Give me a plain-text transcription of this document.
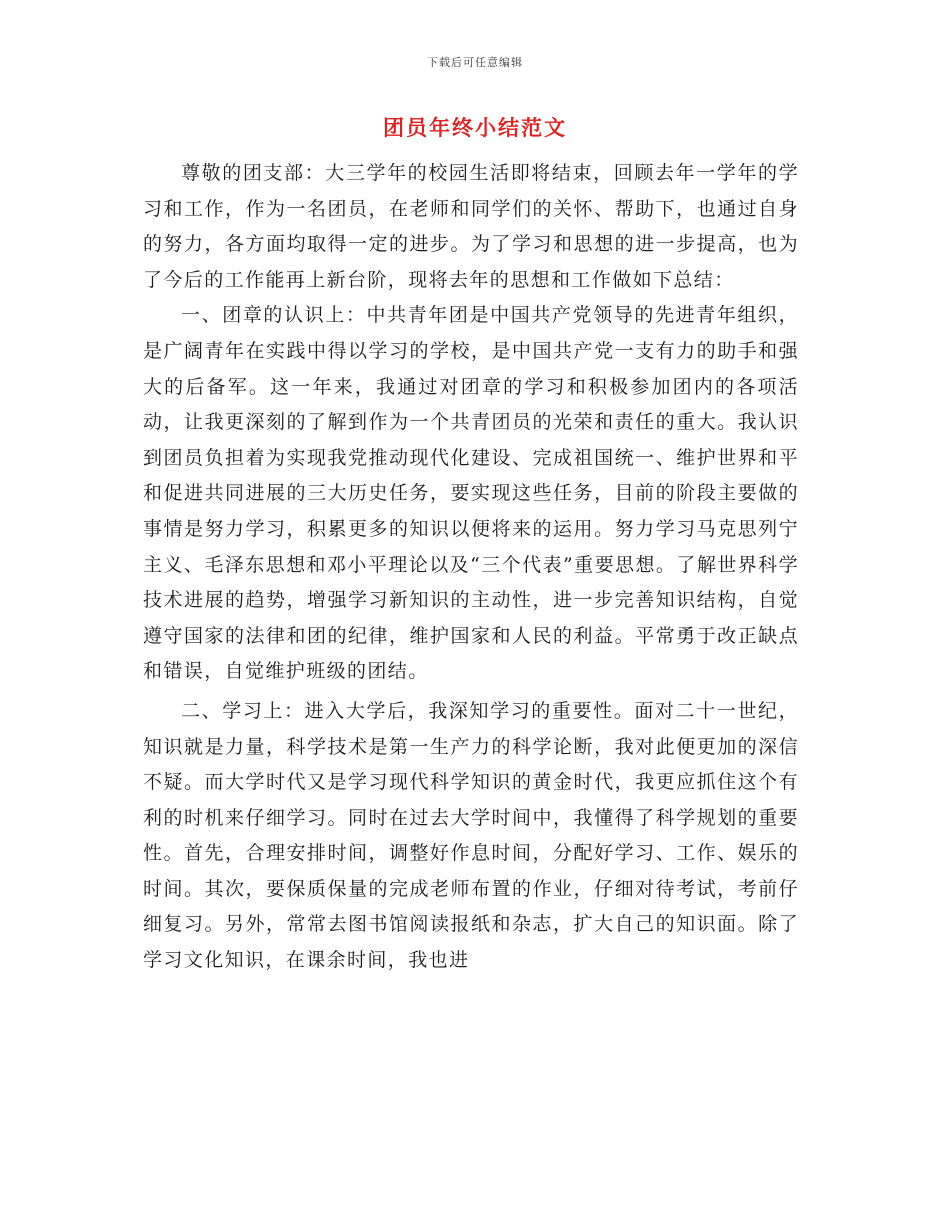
下载后可任意编辑
团员年终小结范文

尊敬的团支部：大三学年的校园生活即将结束，回顾去年一学年的学习和工作，作为一名团员，在老师和同学们的关怀、帮助下，也通过自身的努力，各方面均取得一定的进步。为了学习和思想的进一步提高，也为了今后的工作能再上新台阶，现将去年的思想和工作做如下总结：

一、团章的认识上：中共青年团是中国共产党领导的先进青年组织，是广阔青年在实践中得以学习的学校，是中国共产党一支有力的助手和强大的后备军。这一年来，我通过对团章的学习和积极参加团内的各项活动，让我更深刻的了解到作为一个共青团员的光荣和责任的重大。我认识到团员负担着为实现我党推动现代化建设、完成祖国统一、维护世界和平和促进共同进展的三大历史任务，要实现这些任务，目前的阶段主要做的事情是努力学习，积累更多的知识以便将来的运用。努力学习马克思列宁主义、毛泽东思想和邓小平理论以及“三个代表”重要思想。了解世界科学技术进展的趋势，增强学习新知识的主动性，进一步完善知识结构，自觉遵守国家的法律和团的纪律，维护国家和人民的利益。平常勇于改正缺点和错误，自觉维护班级的团结。

二、学习上：进入大学后，我深知学习的重要性。面对二十一世纪，知识就是力量，科学技术是第一生产力的科学论断，我对此便更加的深信不疑。而大学时代又是学习现代科学知识的黄金时代，我更应抓住这个有利的时机来仔细学习。同时在过去大学时间中，我懂得了科学规划的重要性。首先，合理安排时间，调整好作息时间，分配好学习、工作、娱乐的时间。其次，要保质保量的完成老师布置的作业，仔细对待考试，考前仔细复习。另外，常常去图书馆阅读报纸和杂志，扩大自己的知识面。除了学习文化知识，在课余时间，我也进
